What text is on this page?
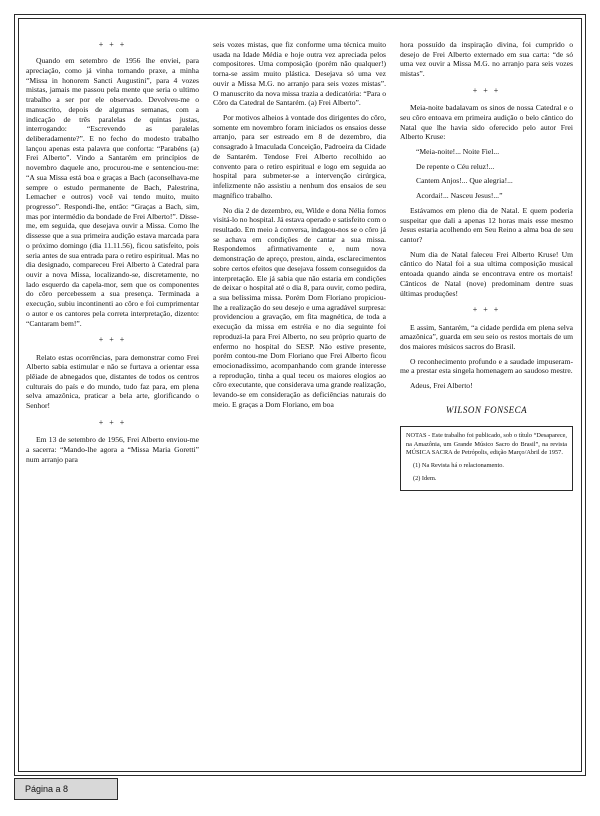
+ + +

Quando em setembro de 1956 lhe enviei, para apreciação, como já vinha tornando praxe, a minha “Missa in honorem Sancti Augustini”, para 4 vozes mistas, jamais me passou pela mente que seria o ultimo trabalho a ser por ele observado. Devolveu-me o manuscrito, depois de algumas semanas, com a indicação de três paralelas de quintas justas, interrogando: “Escrevendo as paralelas deliberadamente?”. E no fecho do modesto trabalho lançou apenas esta palavra que conforta: “Parabéns (a) Frei Alberto”. Vindo a Santarém em princípios de novembro daquele ano, procurou-me e sentenciou-me: “A sua Missa está boa e graças a Bach (aconselhava-me sempre o estudo permanente de Bach, Palestrina, Lemacher e outros) você vai tendo muito, muito progresso”. Respondi-lhe, então: “Graças a Bach, sim, mas por intermédio da bondade de Frei Alberto!”. Disse-me, em seguida, que desejava ouvir a Missa. Como lhe dissesse que a sua primeira audição estava marcada para o próximo domingo (dia 11.11.56), ficou satisfeito, pois seria antes de sua entrada para o retiro espiritual. Mas no dia designado, compareceu Frei Alberto à Catedral para ouvir a nova Missa, localizando-se, discretamente, no lado esquerdo da capela-mor, sem que os componentes do côro percebessem a sua presença. Terminada a execução, subiu incontinenti ao côro e foi cumprimentar o autor e os cantores pela correta interpretação, dizento: “Cantaram bem!”.

+ + +

Relato estas ocorrências, para demonstrar como Frei Alberto sabia estimular e não se furtava a orientar essa plêiade de abnegados que, distantes de todos os centros culturais do país e do mundo, tudo faz para, em plena selva amazônica, praticar a bela arte, glorificando o Senhor!

+ + +

Em 13 de setembro de 1956, Frei Alberto enviou-me a sacerra: “Mando-lhe agora a “Missa Maria Goretti” num arranjo para

seis vozes mistas, que fiz conforme uma técnica muito usada na Idade Média e hoje outra vez apreciada pelos compositores. Uma composição (porém não qualquer!) torna-se assim muito plástica. Desejava só uma vez ouvir a Missa M.G. no arranjo para seis vozes mistas”. O manuscrito da nova missa trazia a dedicatória: “Para o Côro da Catedral de Santarém. (a) Frei Alberto”.

Por motivos alheios à vontade dos dirigentes do côro, somente em novembro foram iniciados os ensaios desse arranjo, para ser estreado em 8 de dezembro, dia consagrado à Imaculada Conceição, Padroeira da Cidade de Santarém. Tendose Frei Alberto recolhido ao convento para o retiro espiritual e logo em seguida ao hospital para submeter-se a intervenção cirúrgica, infelizmente não assistiu a nenhum dos ensaios de seu magnífico trabalho.

No dia 2 de dezembro, eu, Wilde e dona Nélia fomos visitá-lo no hospital. Já estava operado e satisfeito com o resultado. Em meio à conversa, indagou-nos se o côro já se achava em condições de cantar a sua missa. Respondemos afirmativamente e, num nova demonstração de apreço, prestou, ainda, esclarecimentos sobre certos efeitos que desejava fossem conseguidos da interpretação. Ele já sabia que não estaria em condições de deixar o hospital até o dia 8, para ouvir, como pedira, a sua belíssima missa. Porém Dom Floriano propiciou-lhe a realização do seu desejo e uma agradável surpresa: providenciou a gravação, em fita magnética, de toda a execução da missa em estréia e no dia seguinte foi reproduzi-la para Frei Alberto, no seu próprio quarto de enfermo no hospital do SESP. Não estive presente, porém contou-me Dom Floriano que Frei Alberto ficou emocionadíssimo, acompanhando com grande interesse a reprodução, tinha a qual teceu os maiores elogios ao côro executante, que considerava uma grande realização, levando-se em consideração as deficiências naturais do meio. E graças a Dom Floriano, em boa

hora possuído da inspiração divina, foi cumprido o desejo de Frei Alberto externado em sua carta: “de só uma vez ouvir a Missa M.G. no arranjo para seis vozes mistas”.

+ + +

Meia-noite badalavam os sinos de nossa Catedral e o seu côro entoava em primeira audição o belo cântico do Natal que lhe havia sido oferecido pelo autor Frei Alberto Kruse:

“Meia-noite!... Noite Fiel...

De repente o Céu reluz!...

Cantem Anjos!... Que alegria!...

Acordai!... Nasceu Jesus!...”

Estávamos em pleno dia de Natal. E quem poderia suspeitar que dali a apenas 12 horas mais esse mesmo Jesus estaria acolhendo em Seu Reino a alma boa de seu cantor?

Num dia de Natal faleceu Frei Alberto Kruse! Um cântico do Natal foi a sua ultima composição musical entoada quando ainda se encontrava entre os mortais! Cânticos de Natal (nove) predominam dentre suas últimas produções!

+ + +

E assim, Santarém, “a cidade perdida em plena selva amazônica”, guarda em seu seio os restos mortais de um dos maiores músicos sacros do Brasil.

O reconhecimento profundo e a saudade impuseram-me a prestar esta singela homenagem ao saudoso mestre.

Adeus, Frei Alberto!

WILSON FONSECA

NOTAS - Este trabalho foi publicado, sob o título “Desaparece, na Amazônia, um Grande Músico Sacro do Brasil”, na revista MÚSICA SACRA de Petrópolis, edição Março/Abril de 1957.

(1) Na Revista há o relacionamento.

(2) Idem.

Página a 8
